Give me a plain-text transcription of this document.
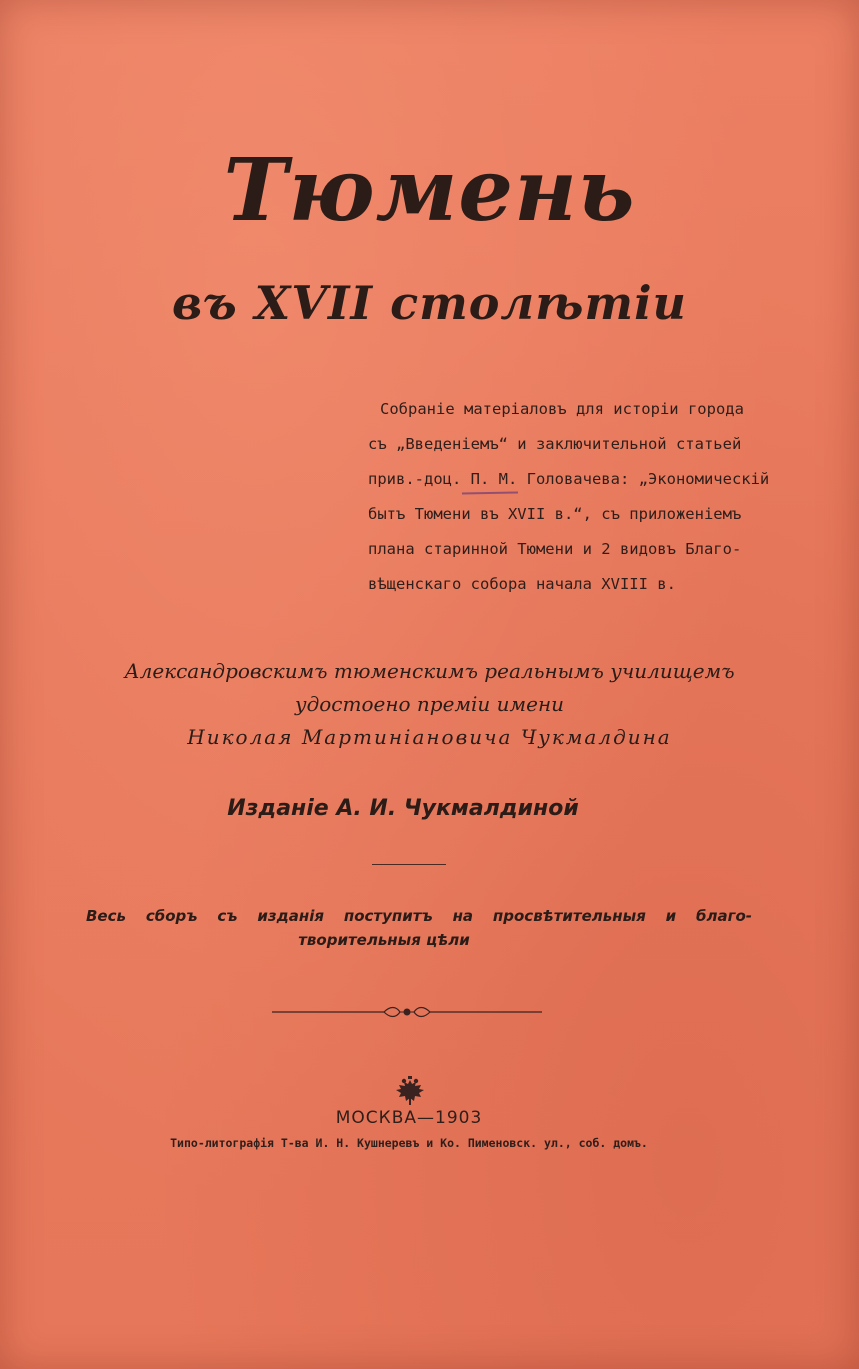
Тюмень
въ XVII столѣтіи
Собраніе матеріаловъ для исторіи города
съ „Введеніемъ“ и заключительной статьей
прив.-доц. П. М. Головачева: „Экономическій
бытъ Тюмени въ XVII в.“, съ приложеніемъ
плана старинной Тюмени и 2 видовъ Благо-
вѣщенскаго собора начала XVIII в.
Александровскимъ тюменскимъ реальнымъ училищемъ
удостоено преміи имени
Николая Мартиніановича Чукмалдина
Изданіе А. И. Чукмалдиной
Весь сборъ съ изданія поступитъ на просвѣтительныя и благо-
творительныя цѣли
МОСКВА—1903
Типо-литографія Т-ва И. Н. Кушнеревъ и Ко. Пименовск. ул., соб. домъ.
